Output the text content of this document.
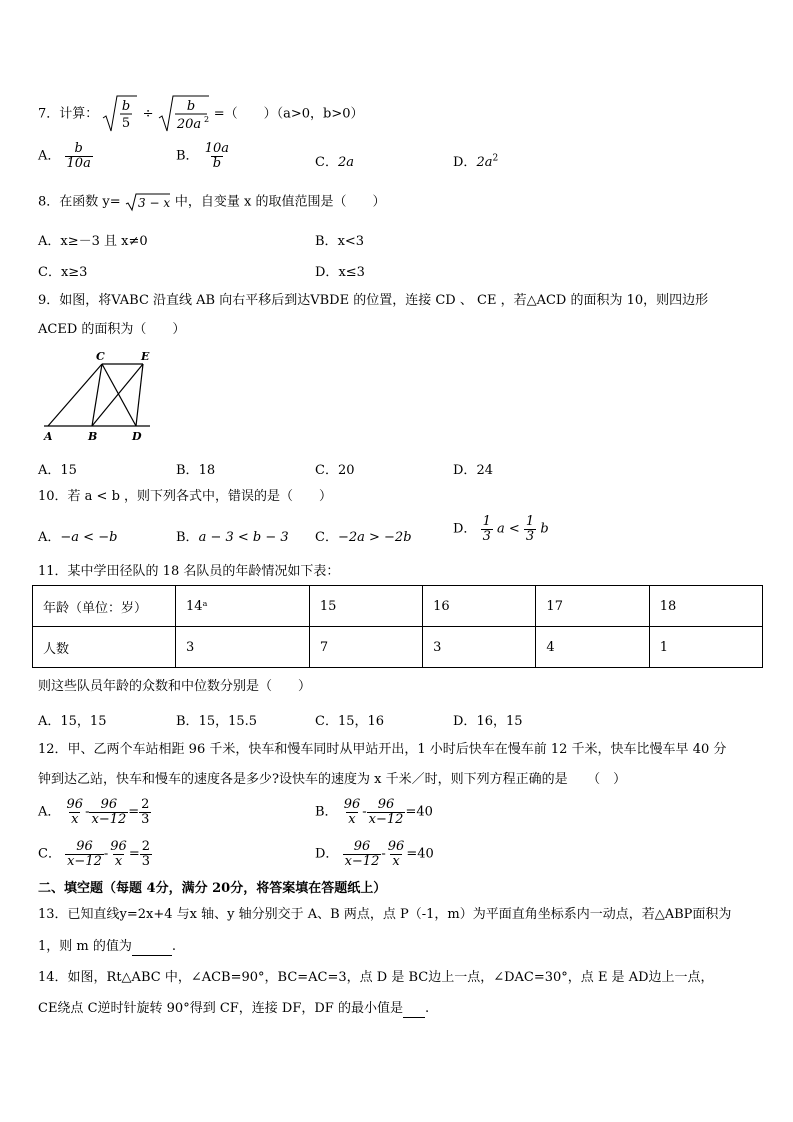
7．计算： b
5
÷	b
20a 2 =（　　）（a>0，b>0）
A． $\frac{b}{10a}$	B． $\frac{10a}{b}$	C．2a	D．$2a^2$
8．在函数 y= 3 − x 中，自变量 x 的取值范围是（　　）
A．x≥－3 且 x≠0	B．x<3
C．x≥3	D．x≤3
9．如图，将VABC 沿直线 AB 向右平移后到达VBDE 的位置，连接 CD 、 CE ，若△ACD 的面积为 10，则四边形
ACED 的面积为（　　）
A	B
C
D
E
A．15	B．18	C．20	D．24
10．若 a < b ，则下列各式中，错误的是（　　）
A．−a < −b	B．a − 3 < b − 3 C．−2a > −2b
D． $\frac{1}{3}$ $a < \frac{1}{3}$ b
11．某中学田径队的 18 名队员的年龄情况如下表：
年龄（单位：岁）	14ᵃ	15	16	17	18
人数	3	7	3	4	1
则这些队员年龄的众数和中位数分别是（　　）
A．15，15	B．15，15.5	C．15，16	D．16，15
12．甲、乙两个车站相距 96 千米，快车和慢车同时从甲站开出，1 小时后快车在慢车前 12 千米，快车比慢车早 40 分
钟到达乙站，快车和慢车的速度各是多少?设快车的速度为 x 千米／时，则下列方程正确的是　　（　）
A． $\frac{96}{x} - \frac{96}{x-12} = \frac{2}{3}$	B． $\frac{96}{x} - \frac{96}{x-12} =40$
C． $\frac{96}{x-12} - \frac{96}{x} = \frac{2}{3}$	D． $\frac{96}{x-12} - \frac{96}{x} =40$
二、填空题（每题 4分，满分 20分，将答案填在答题纸上）
13．已知直线y=2x+4 与x 轴、y 轴分别交于 A、B 两点，点 P（-1，m）为平面直角坐标系内一动点，若△ABP面积为
1，则 m 的值为	.
14．如图，Rt△ABC 中，∠ACB=90°，BC=AC=3，点 D 是 BC边上一点，∠DAC=30°，点 E 是 AD边上一点，
CE绕点 C逆时针旋转 90°得到 CF，连接 DF，DF 的最小值是 .
